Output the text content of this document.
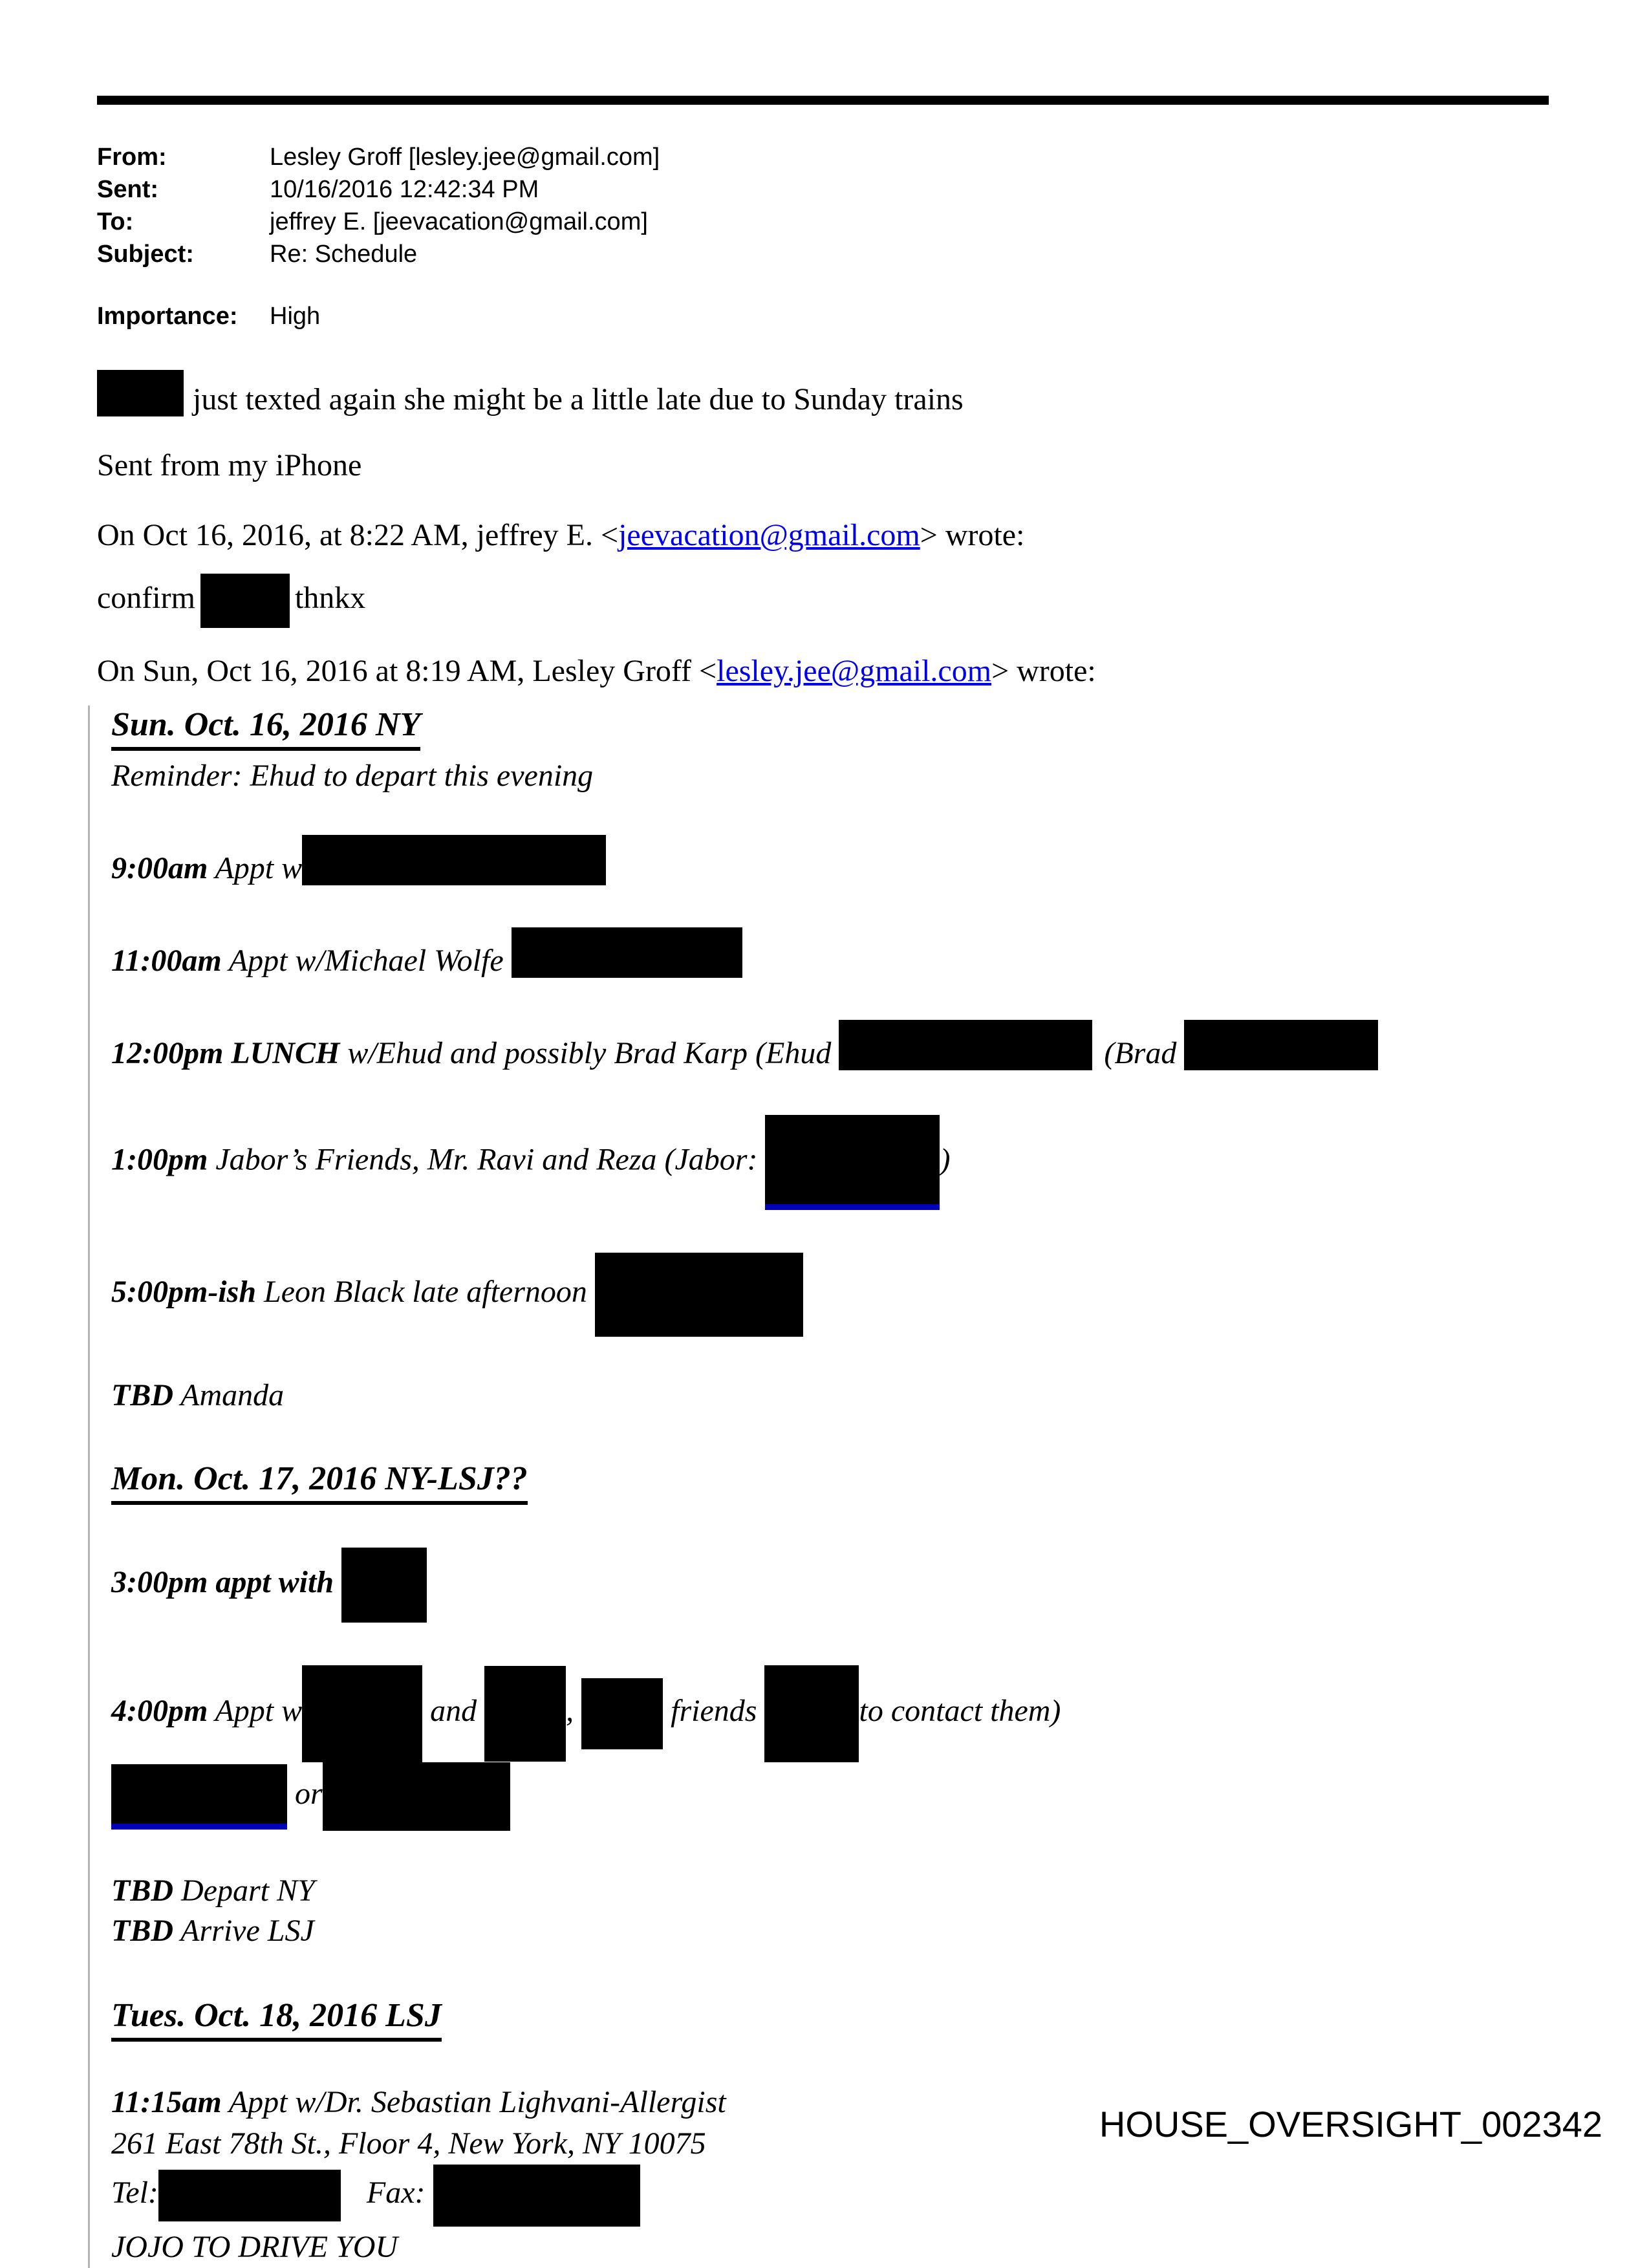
From:	Lesley Groff [lesley.jee@gmail.com]
Sent:	10/16/2016 12:42:34 PM
To:	jeffrey E. [jeevacation@gmail.com]
Subject:	Re: Schedule
Importance:	High

just texted again she might be a little late due to Sunday trains

Sent from my iPhone

On Oct 16, 2016, at 8:22 AM, jeffrey E. <jeevacation@gmail.com> wrote:

confirm	thnkx

On Sun, Oct 16, 2016 at 8:19 AM, Lesley Groff <lesley.jee@gmail.com> wrote:

Sun. Oct. 16, 2016 NY

Reminder: Ehud to depart this evening

9:00am Appt w

11:00am Appt w/Michael Wolfe

12:00pm LUNCH w/Ehud and possibly Brad Karp (Ehud	(Brad

1:00pm Jabor’s Friends, Mr. Ravi and Reza (Jabor:	)

5:00pm-ish Leon Black late afternoon

TBD Amanda

Mon. Oct. 17, 2016 NY-LSJ??

3:00pm appt with

4:00pm Appt w	and	,	friends	to contact them)
or

TBD Depart NY
TBD Arrive LSJ

Tues. Oct. 18, 2016 LSJ

11:15am Appt w/Dr. Sebastian Lighvani-Allergist
261 East 78th St., Floor 4, New York, NY 10075
Tel:	Fax:
JOJO TO DRIVE YOU

HOUSE_OVERSIGHT_002342
